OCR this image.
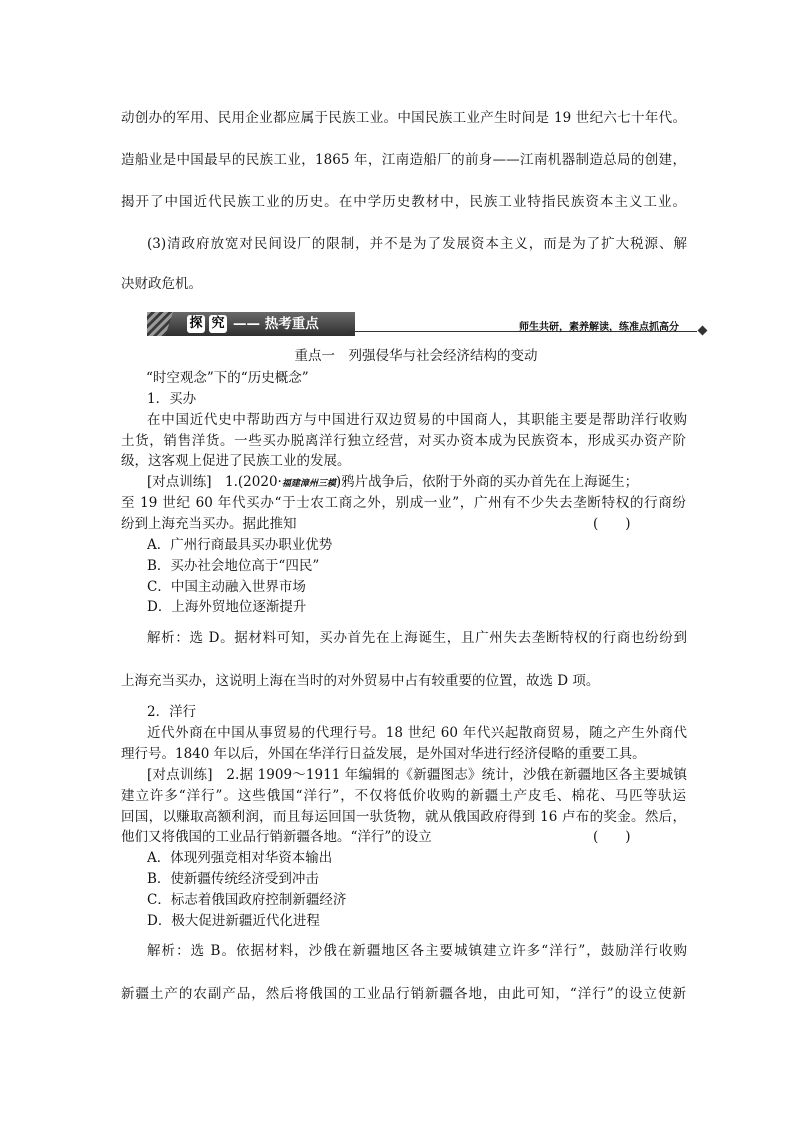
动创办的军用、民用企业都应属于民族工业。中国民族工业产生时间是 19 世纪六七十年代。
造船业是中国最早的民族工业，1865 年，江南造船厂的前身——江南机器制造总局的创建，
揭开了中国近代民族工业的历史。在中学历史教材中，民族工业特指民族资本主义工业。
(3)清政府放宽对民间设厂的限制，并不是为了发展资本主义，而是为了扩大税源、解
决财政危机。
探 究 —— 热考重点	师生共研，素养解读，练准点抓高分
重点一　列强侵华与社会经济结构的变动
“时空观念”下的“历史概念”
1．买办
在中国近代史中帮助西方与中国进行双边贸易的中国商人，其职能主要是帮助洋行收购
土货，销售洋货。一些买办脱离洋行独立经营，对买办资本成为民族资本，形成买办资产阶
级，这客观上促进了民族工业的发展。
[对点训练]　1.(2020·福建漳州三模)鸦片战争后，依附于外商的买办首先在上海诞生；
至 19 世纪 60 年代买办“于士农工商之外，别成一业”，广州有不少失去垄断特权的行商纷
纷到上海充当买办。据此推知	(　　)
A．广州行商最具买办职业优势
B．买办社会地位高于“四民”
C．中国主动融入世界市场
D．上海外贸地位逐渐提升
解析：选 D。据材料可知，买办首先在上海诞生，且广州失去垄断特权的行商也纷纷到
上海充当买办，这说明上海在当时的对外贸易中占有较重要的位置，故选 D 项。
2．洋行
近代外商在中国从事贸易的代理行号。18 世纪 60 年代兴起散商贸易，随之产生外商代
理行号。1840 年以后，外国在华洋行日益发展，是外国对华进行经济侵略的重要工具。
[对点训练]　2.据 1909～1911 年编辑的《新疆图志》统计，沙俄在新疆地区各主要城镇
建立许多“洋行”。这些俄国“洋行”，不仅将低价收购的新疆土产皮毛、棉花、马匹等驮运
回国，以赚取高额利润，而且每运回国一驮货物，就从俄国政府得到 16 卢布的奖金。然后，
他们又将俄国的工业品行销新疆各地。“洋行”的设立	(　　)
A．体现列强竞相对华资本输出
B．使新疆传统经济受到冲击
C．标志着俄国政府控制新疆经济
D．极大促进新疆近代化进程
解析：选 B。依据材料，沙俄在新疆地区各主要城镇建立许多“洋行”，鼓励洋行收购
新疆土产的农副产品，然后将俄国的工业品行销新疆各地，由此可知，“洋行”的设立使新
